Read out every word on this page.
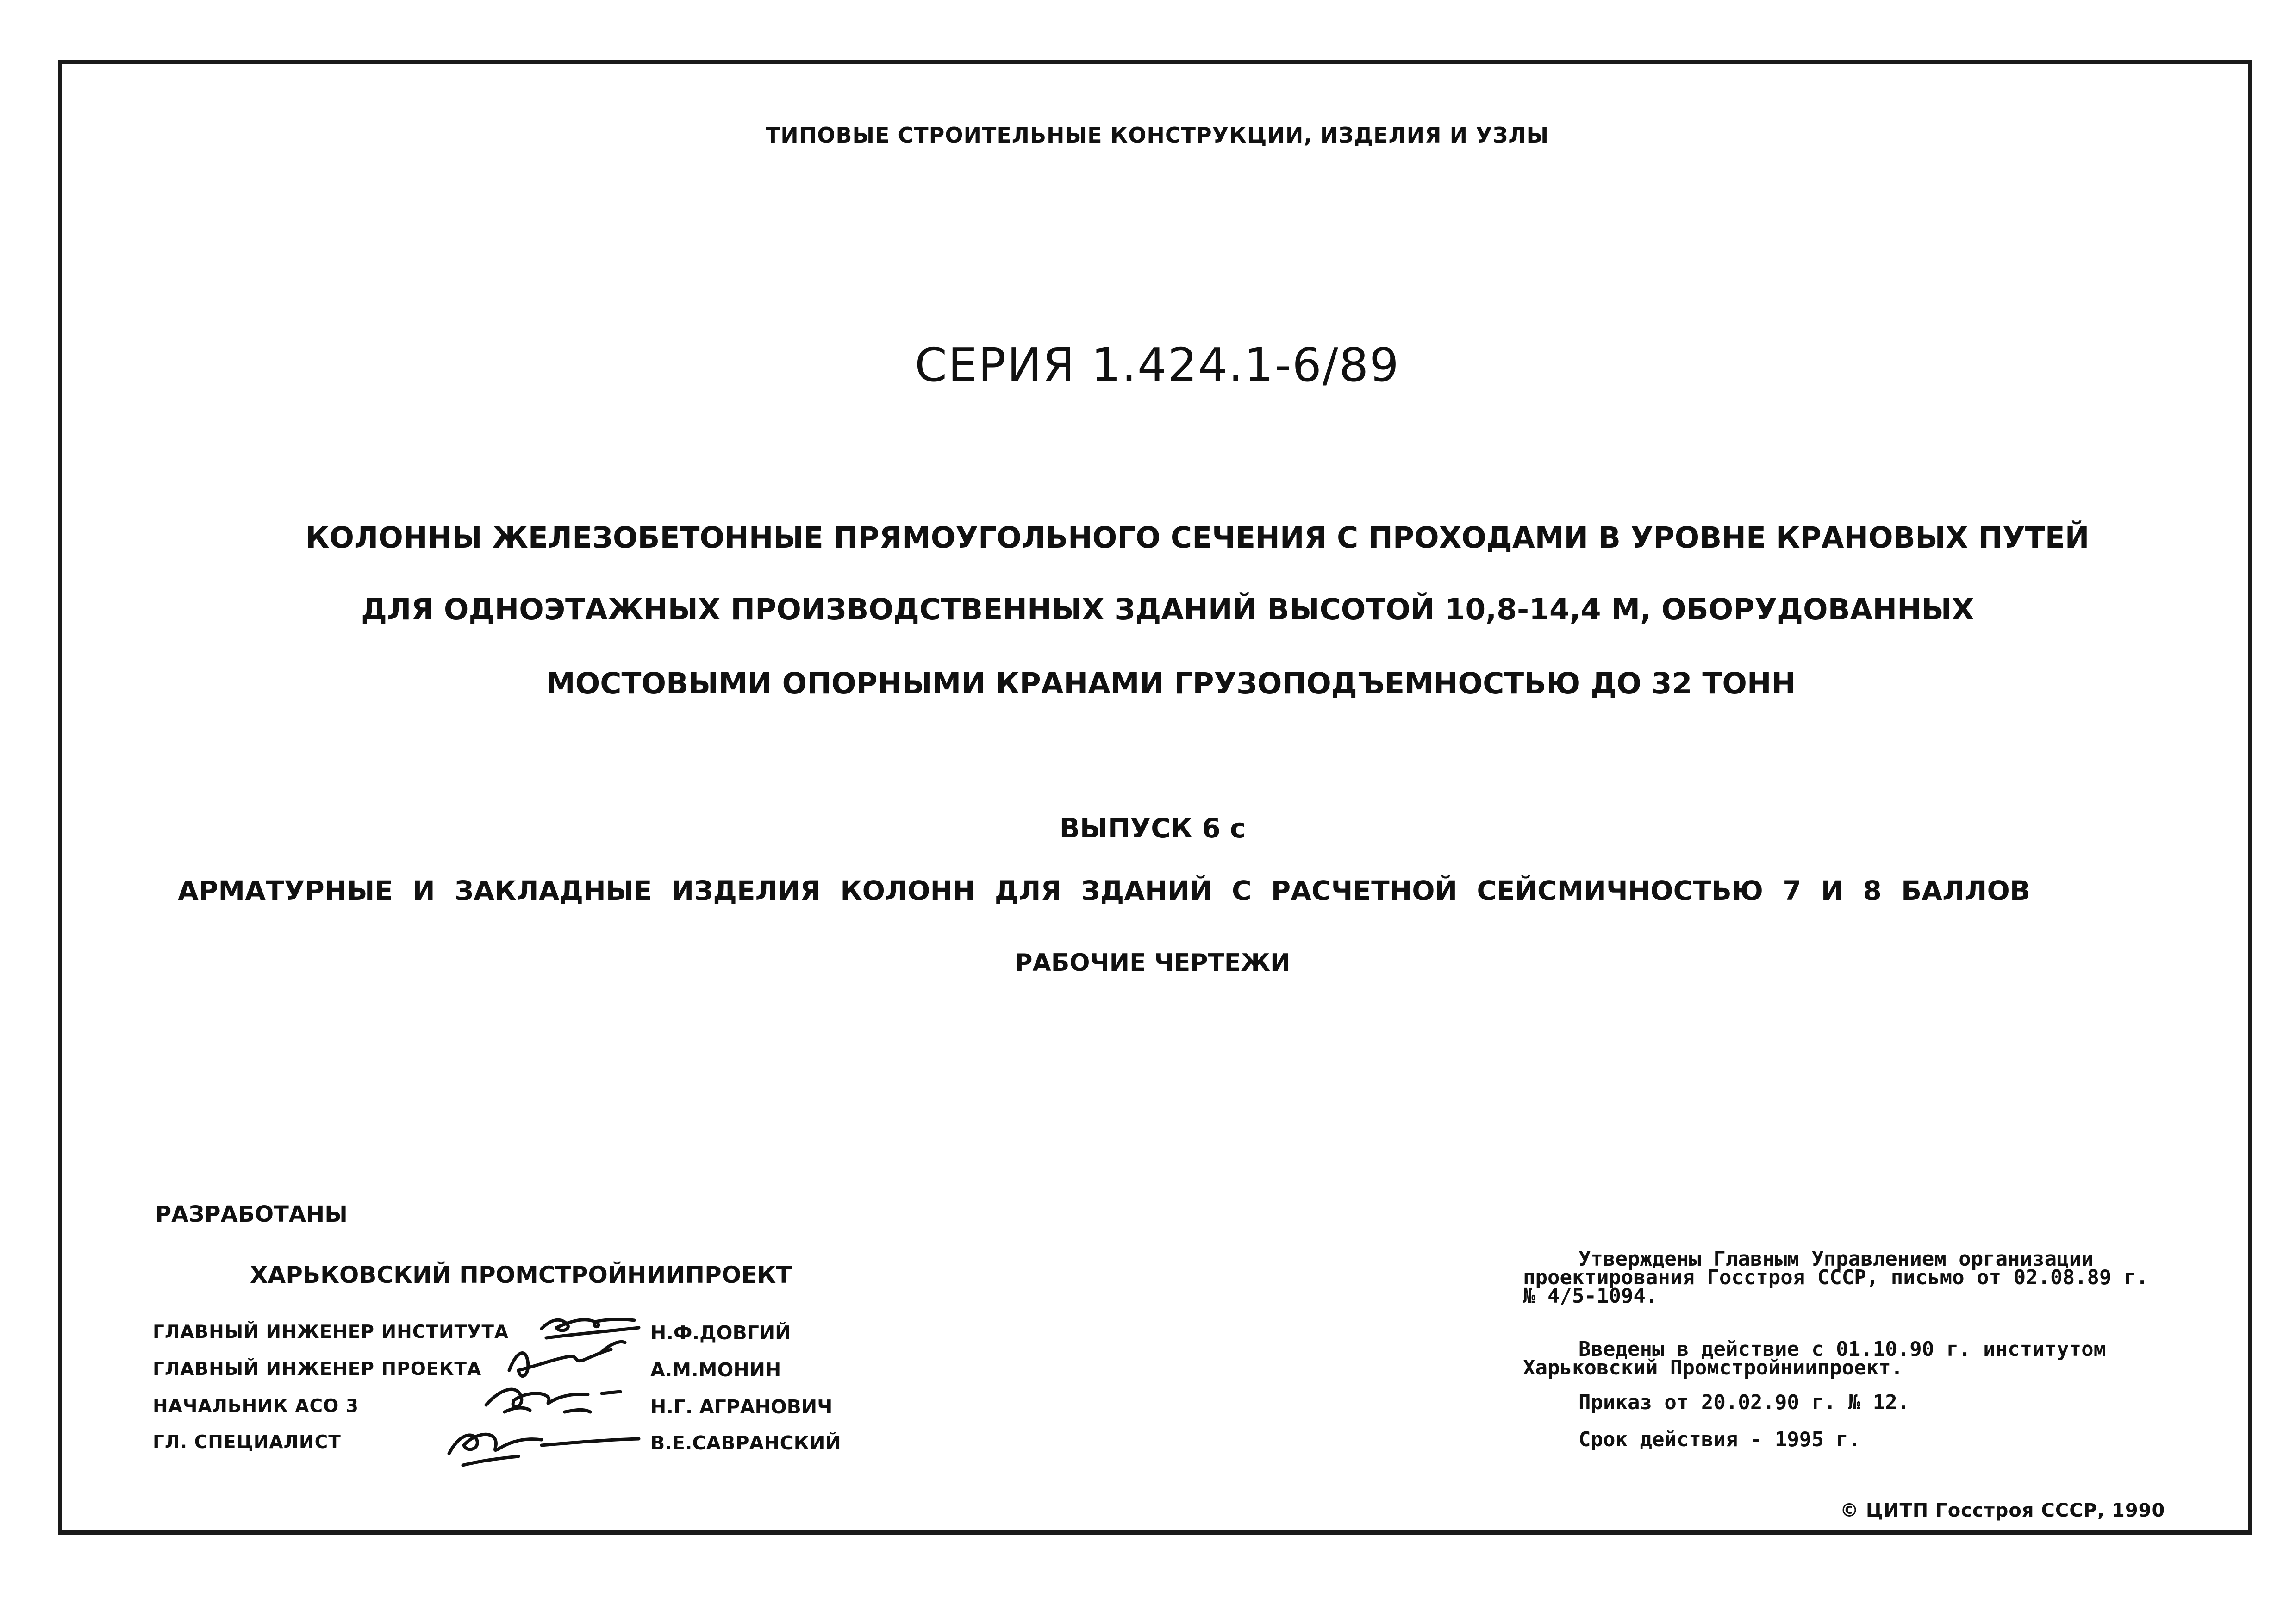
ТИПОВЫЕ СТРОИТЕЛЬНЫЕ КОНСТРУКЦИИ, ИЗДЕЛИЯ И УЗЛЫ
СЕРИЯ 1.424.1-6/89
КОЛОННЫ ЖЕЛЕЗОБЕТОННЫЕ ПРЯМОУГОЛЬНОГО СЕЧЕНИЯ С ПРОХОДАМИ В УРОВНЕ КРАНОВЫХ ПУТЕЙ
ДЛЯ ОДНОЭТАЖНЫХ ПРОИЗВОДСТВЕННЫХ ЗДАНИЙ ВЫСОТОЙ 10,8-14,4 М, ОБОРУДОВАННЫХ
МОСТОВЫМИ ОПОРНЫМИ КРАНАМИ ГРУЗОПОДЪЕМНОСТЬЮ ДО 32 ТОНН
ВЫПУСК 6 с
АРМАТУРНЫЕ И ЗАКЛАДНЫЕ ИЗДЕЛИЯ КОЛОНН ДЛЯ ЗДАНИЙ С РАСЧЕТНОЙ СЕЙСМИЧНОСТЬЮ 7 И 8 БАЛЛОВ
РАБОЧИЕ ЧЕРТЕЖИ
РАЗРАБОТАНЫ
ХАРЬКОВСКИЙ ПРОМСТРОЙНИИПРОЕКТ
ГЛАВНЫЙ ИНЖЕНЕР ИНСТИТУТА	Н.Ф.ДОВГИЙ
ГЛАВНЫЙ ИНЖЕНЕР ПРОЕКТА	А.М.МОНИН
НАЧАЛЬНИК АСО 3	Н.Г. АГРАНОВИЧ
ГЛ. СПЕЦИАЛИСТ	В.Е.САВРАНСКИЙ
Утверждены Главным Управлением организации проектирования Госстроя СССР, письмо от 02.08.89 г. № 4/5-1094.
Введены в действие с 01.10.90 г. институтом Харьковский Промстройниипроект.
Приказ от 20.02.90 г. № 12.
Срок действия - 1995 г.
© ЦИТП Госстроя СССР, 1990
